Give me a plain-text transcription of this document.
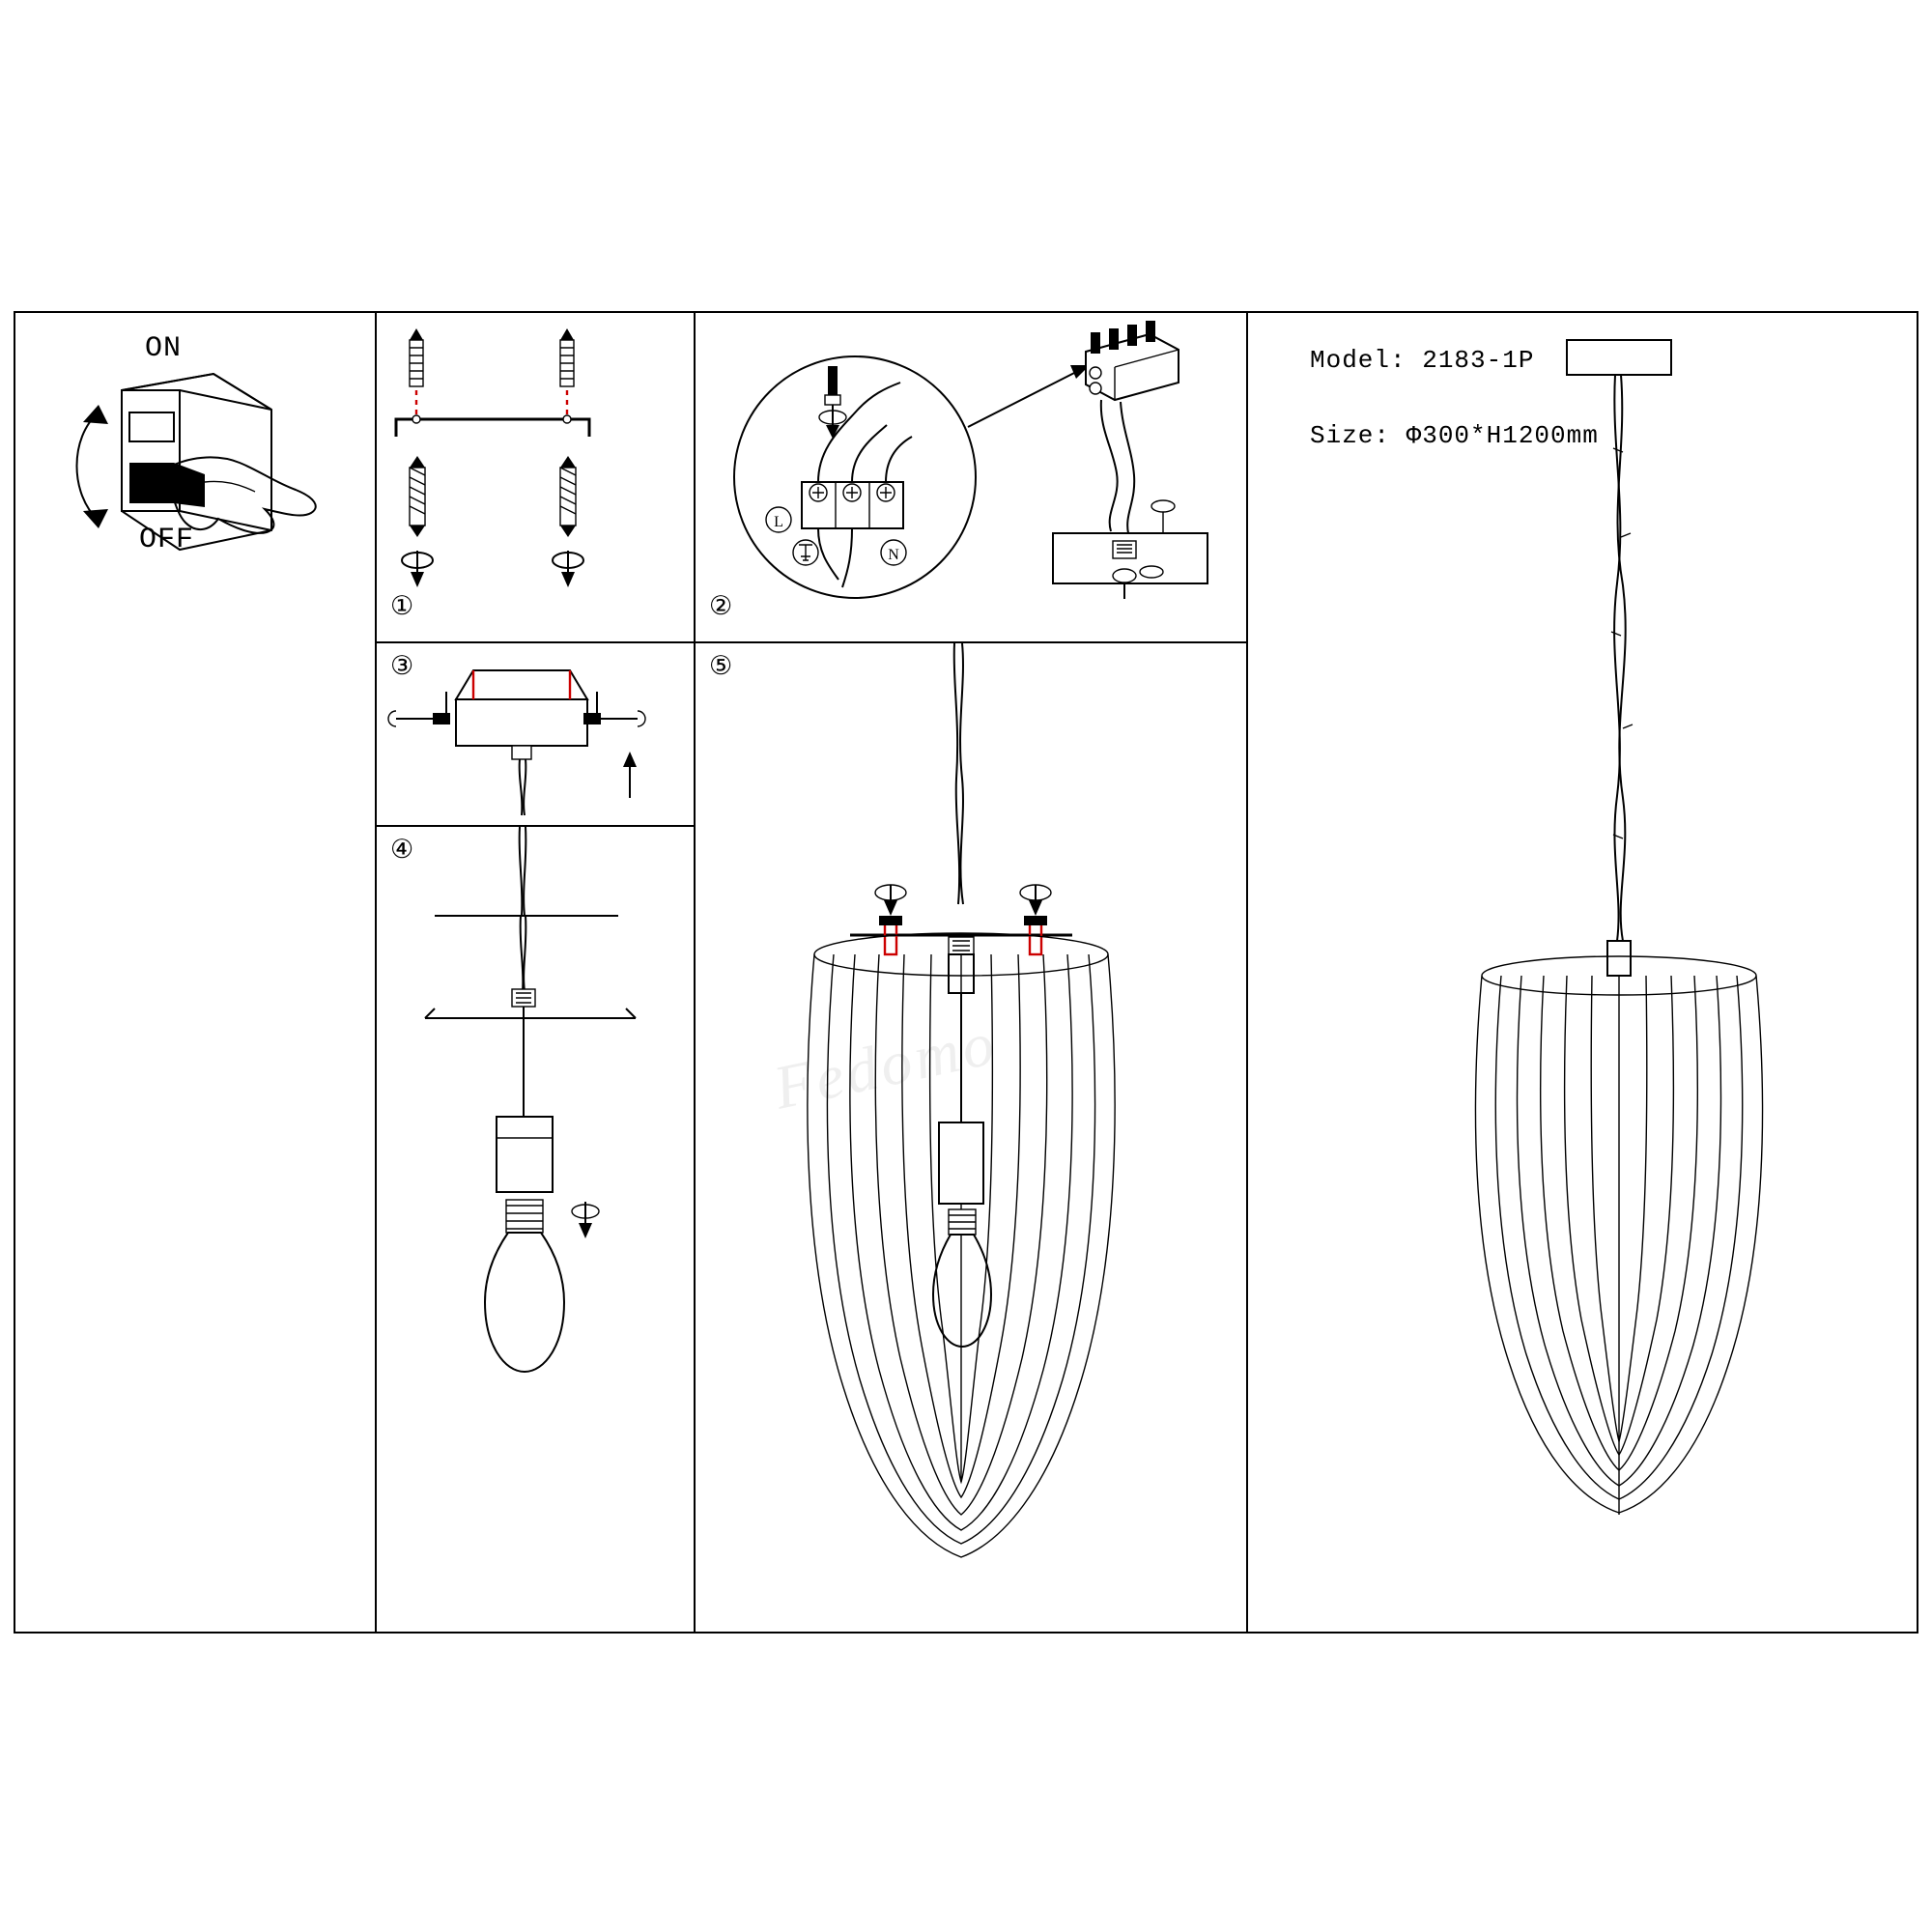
ON
OFF
①	②
L
N
③
④
⑤
Fedomo
Model: 2183-1P
Size: Φ300*H1200mm
